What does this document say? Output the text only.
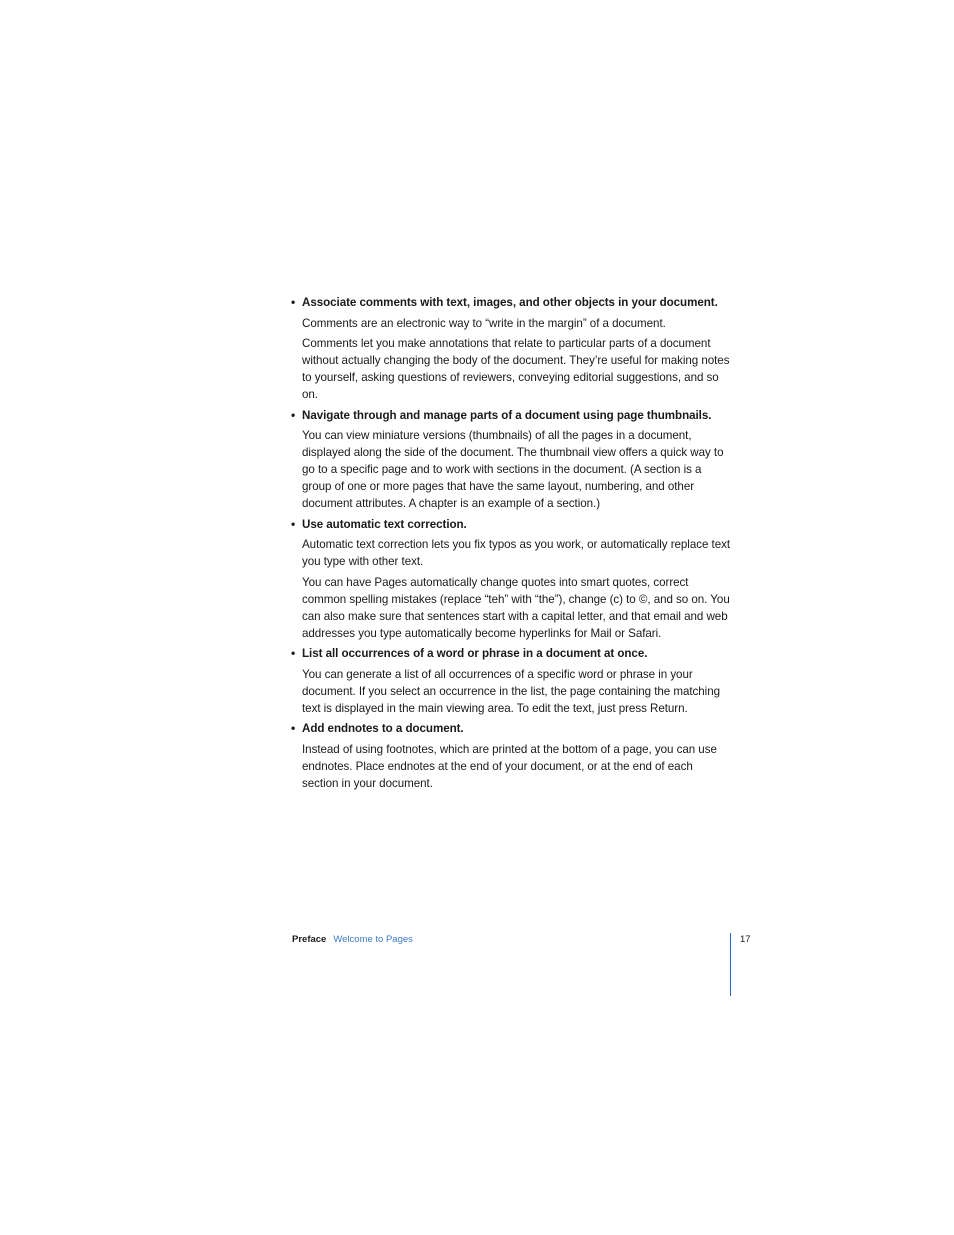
• Associate comments with text, images, and other objects in your document.

Comments are an electronic way to “write in the margin” of a document.

Comments let you make annotations that relate to particular parts of a document without actually changing the body of the document. They’re useful for making notes to yourself, asking questions of reviewers, conveying editorial suggestions, and so on.

• Navigate through and manage parts of a document using page thumbnails.

You can view miniature versions (thumbnails) of all the pages in a document, displayed along the side of the document. The thumbnail view offers a quick way to go to a specific page and to work with sections in the document. (A section is a group of one or more pages that have the same layout, numbering, and other document attributes. A chapter is an example of a section.)

• Use automatic text correction.

Automatic text correction lets you fix typos as you work, or automatically replace text you type with other text.

You can have Pages automatically change quotes into smart quotes, correct common spelling mistakes (replace “teh” with “the”), change (c) to ©, and so on. You can also make sure that sentences start with a capital letter, and that email and web addresses you type automatically become hyperlinks for Mail or Safari.

• List all occurrences of a word or phrase in a document at once.

You can generate a list of all occurrences of a specific word or phrase in your document. If you select an occurrence in the list, the page containing the matching text is displayed in the main viewing area. To edit the text, just press Return.

• Add endnotes to a document.

Instead of using footnotes, which are printed at the bottom of a page, you can use endnotes. Place endnotes at the end of your document, or at the end of each section in your document.

Preface Welcome to Pages	17
